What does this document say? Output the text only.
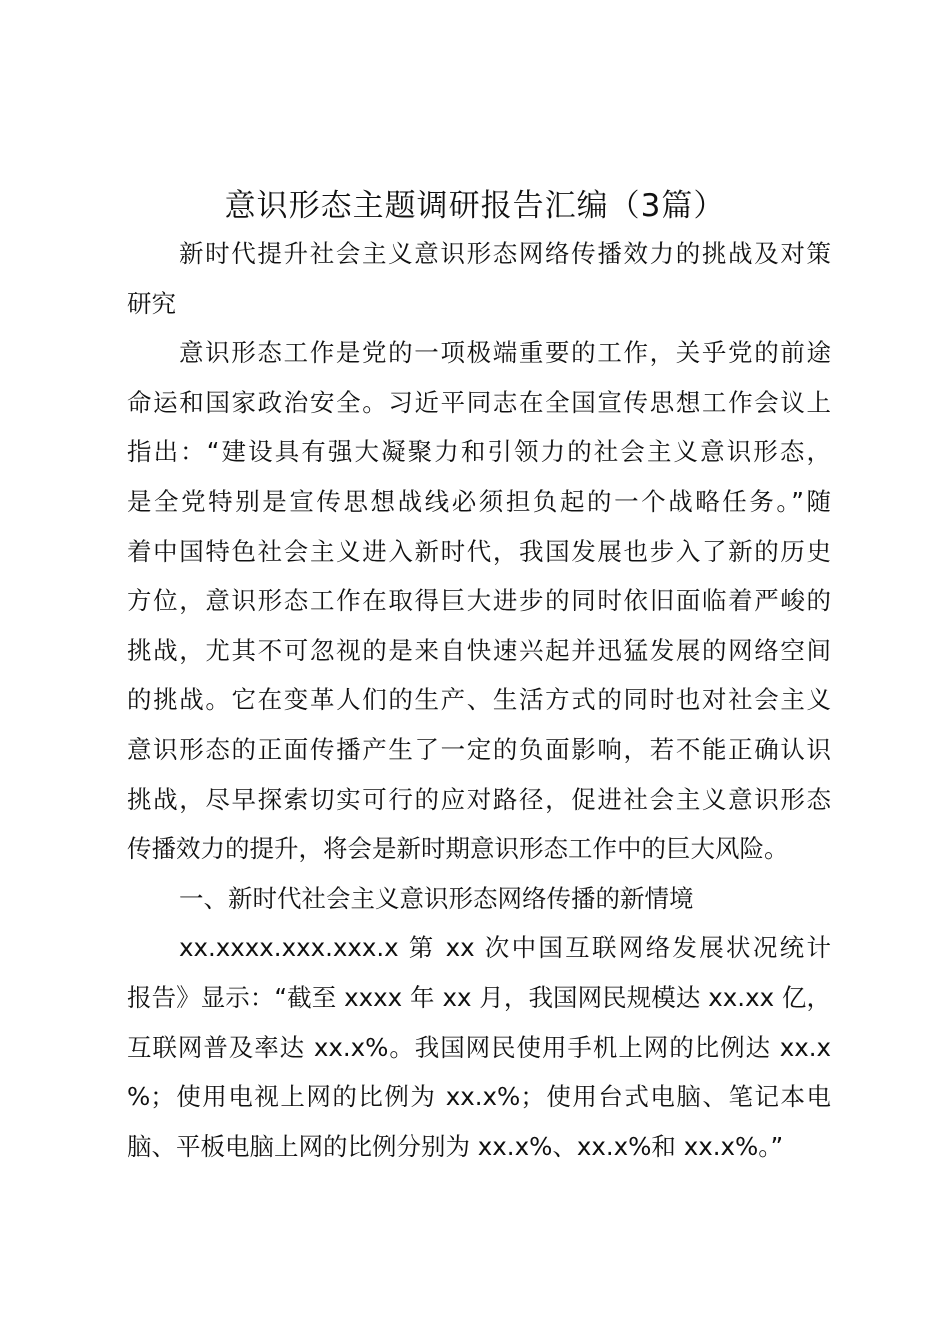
意识形态主题调研报告汇编（3篇）
新时代提升社会主义意识形态网络传播效力的挑战及对策
研究
意识形态工作是党的一项极端重要的工作，关乎党的前途
命运和国家政治安全。习近平同志在全国宣传思想工作会议上
指出：“建设具有强大凝聚力和引领力的社会主义意识形态，
是全党特别是宣传思想战线必须担负起的一个战略任务。”随
着中国特色社会主义进入新时代，我国发展也步入了新的历史
方位，意识形态工作在取得巨大进步的同时依旧面临着严峻的
挑战，尤其不可忽视的是来自快速兴起并迅猛发展的网络空间
的挑战。它在变革人们的生产、生活方式的同时也对社会主义
意识形态的正面传播产生了一定的负面影响，若不能正确认识
挑战，尽早探索切实可行的应对路径，促进社会主义意识形态
传播效力的提升，将会是新时期意识形态工作中的巨大风险。
一、新时代社会主义意识形态网络传播的新情境
xx.xxxx.xxx.xxx.x 第 xx 次中国互联网络发展状况统计
报告》显示：“截至 xxxx 年 xx 月，我国网民规模达 xx.xx 亿，
互联网普及率达 xx.x%。我国网民使用手机上网的比例达 xx.x
%；使用电视上网的比例为 xx.x%；使用台式电脑、笔记本电
脑、平板电脑上网的比例分别为 xx.x%、xx.x%和 xx.x%。”
